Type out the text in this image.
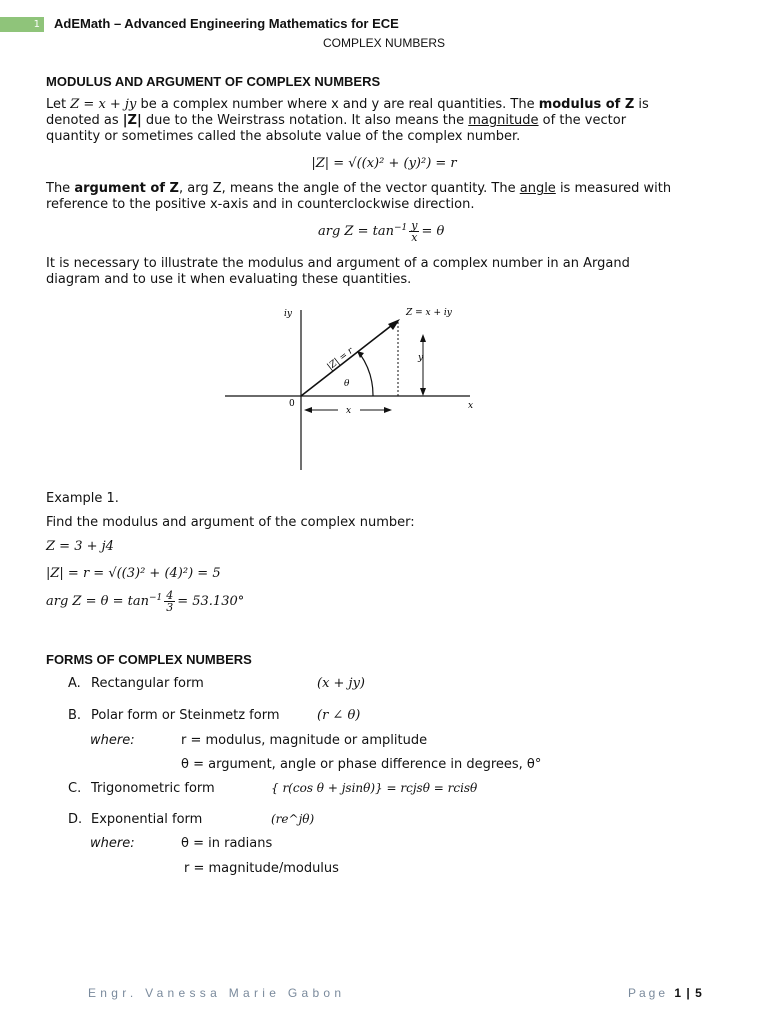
1	AdEMath – Advanced Engineering Mathematics for ECE
COMPLEX NUMBERS
MODULUS AND ARGUMENT OF COMPLEX NUMBERS
Let Z = x + jy be a complex number where x and y are real quantities. The modulus of Z is
denoted as |Z| due to the Weirstrass notation. It also means the magnitude of the vector
quantity or sometimes called the absolute value of the complex number.
|Z| = √((x)² + (y)²) = r
The argument of Z, arg Z, means the angle of the vector quantity. The angle is measured with
reference to the positive x-axis and in counterclockwise direction.
arg $Z = \tan^{-1} \frac{y}{x} = \theta$
It is necessary to illustrate the modulus and argument of a complex number in an Argand
diagram and to use it when evaluating these quantities.
iy	Z = x + iy
|Z| = r
θ
y
0	x
x
Example 1.
Find the modulus and argument of the complex number:
Z = 3 + j4
|Z| = r = √((3)² + (4)²) = 5
arg $Z = \theta = \tan^{-1} \frac{4}{3} = 53.130^\circ$
FORMS OF COMPLEX NUMBERS
A. Rectangular form	(x + jy)
B. Polar form or Steinmetz form	(r ∠ θ)
where:	r = modulus, magnitude or amplitude
θ = argument, angle or phase difference in degrees, θ°
C. Trigonometric form	{ r(cos θ + jsinθ)} = rcjsθ = rcisθ
D. Exponential form	(re^jθ)
where:	θ = in radians
r = magnitude/modulus
Engr. Vanessa Marie Gabon	Page 1 | 5
